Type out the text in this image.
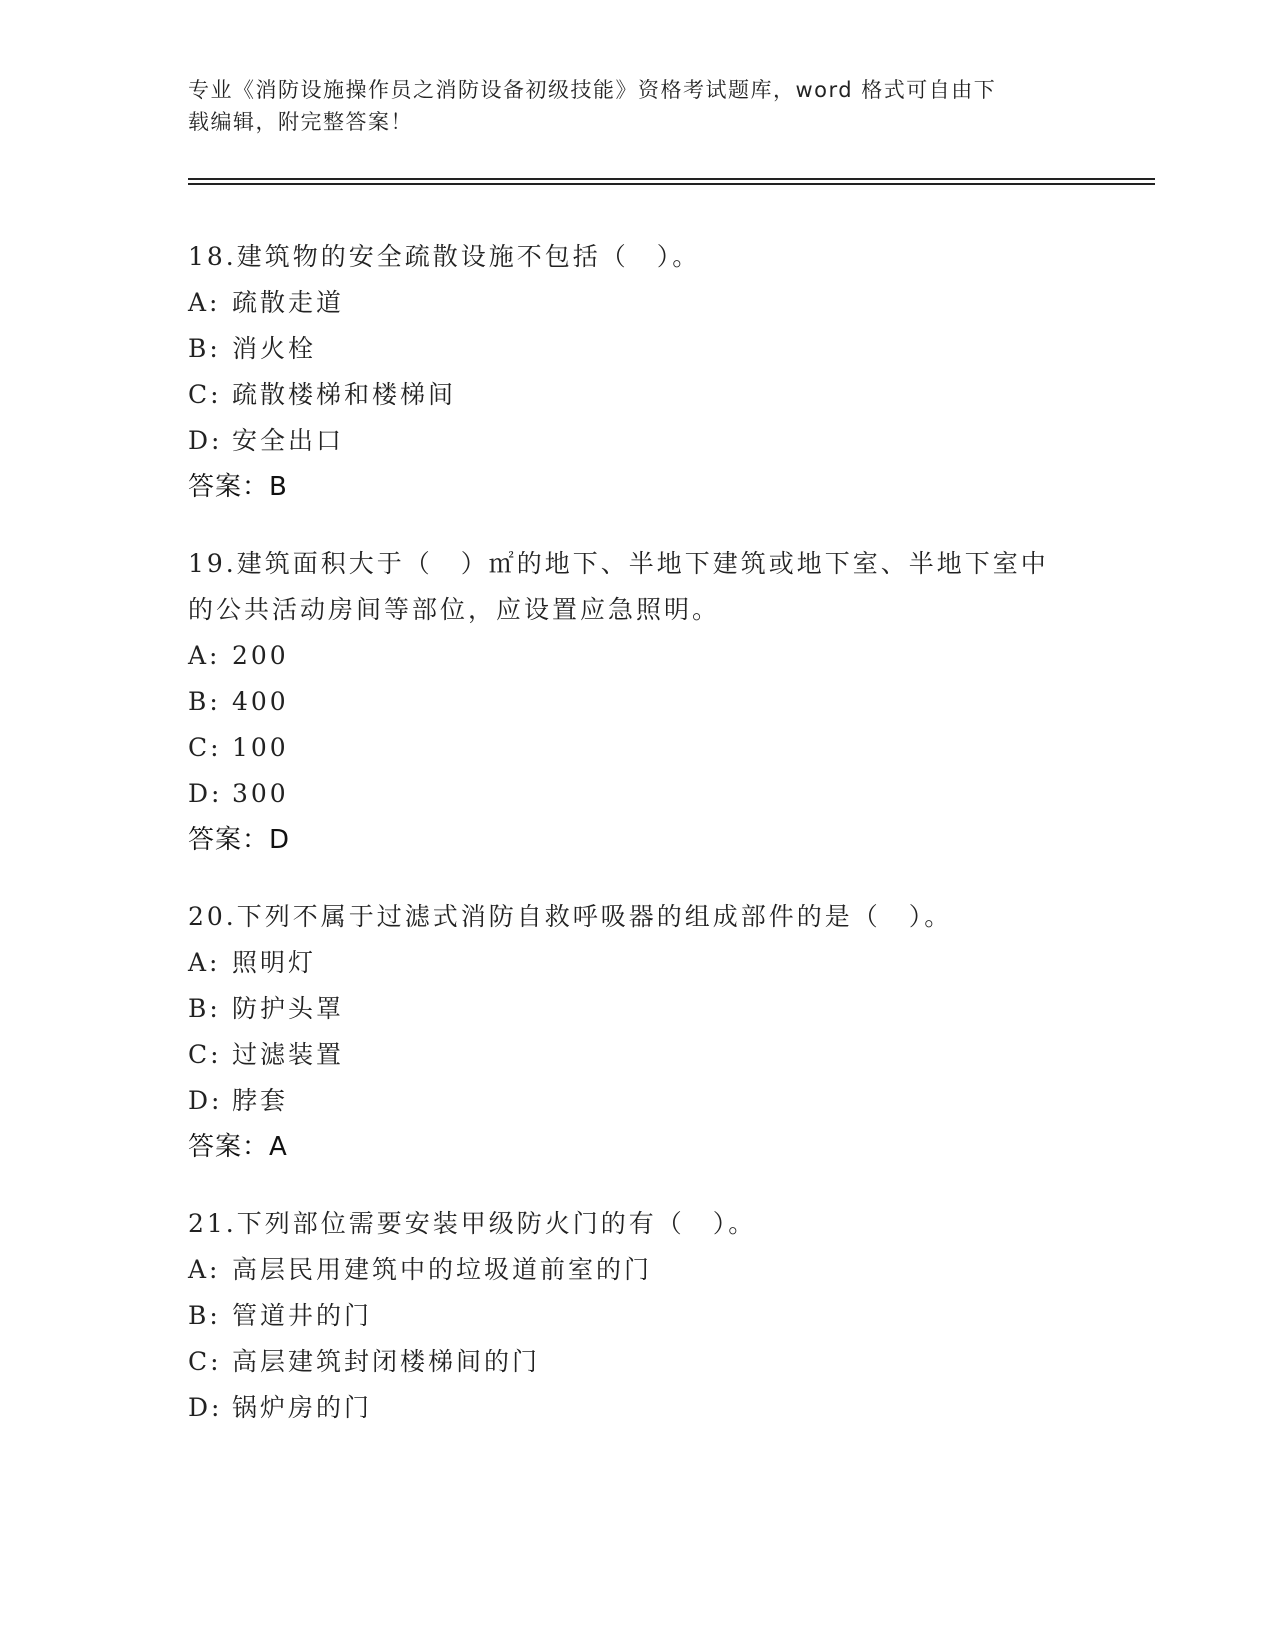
专业《消防设施操作员之消防设备初级技能》资格考试题库，word 格式可自由下
载编辑，附完整答案！

18.建筑物的安全疏散设施不包括（　）。

A: 疏散走道

B: 消火栓

C: 疏散楼梯和楼梯间

D: 安全出口

答案：B

19.建筑面积大于（　）㎡的地下、半地下建筑或地下室、半地下室中

的公共活动房间等部位，应设置应急照明。

A: 200

B: 400

C: 100

D: 300

答案：D

20.下列不属于过滤式消防自救呼吸器的组成部件的是（　）。

A: 照明灯

B: 防护头罩

C: 过滤装置

D: 脖套

答案：A

21.下列部位需要安装甲级防火门的有（　）。

A: 高层民用建筑中的垃圾道前室的门

B: 管道井的门

C: 高层建筑封闭楼梯间的门

D: 锅炉房的门
